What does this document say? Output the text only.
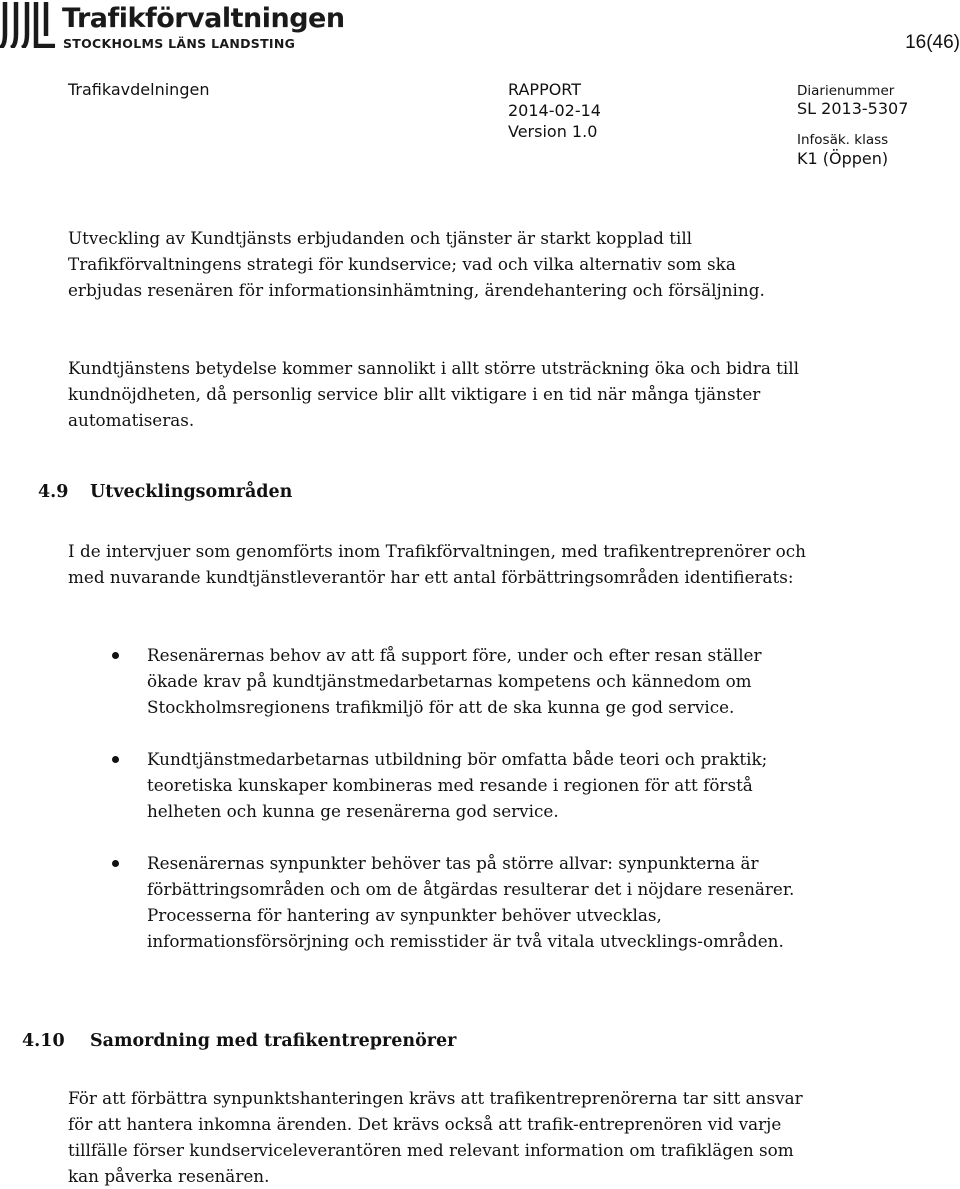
Trafikförvaltningen
STOCKHOLMS LÄNS LANDSTING	16(46)
Trafikavdelningen	RAPPORT
2014-02-14
Version 1.0
Diarienummer
SL 2013-5307
Infosäk. klass
K1 (Öppen)

Utveckling av Kundtjänsts erbjudanden och tjänster är starkt kopplad till Trafikförvaltningens strategi för kundservice; vad och vilka alternativ som ska erbjudas resenären för informationsinhämtning, ärendehantering och försäljning.

Kundtjänstens betydelse kommer sannolikt i allt större utsträckning öka och bidra till kundnöjdheten, då personlig service blir allt viktigare i en tid när många tjänster automatiseras.

4.9 Utvecklingsområden

I de intervjuer som genomförts inom Trafikförvaltningen, med trafikentreprenörer och med nuvarande kundtjänstleverantör har ett antal förbättringsområden identifierats:

Resenärernas behov av att få support före, under och efter resan ställer ökade krav på kundtjänstmedarbetarnas kompetens och kännedom om Stockholmsregionens trafikmiljö för att de ska kunna ge god service.
Kundtjänstmedarbetarnas utbildning bör omfatta både teori och praktik; teoretiska kunskaper kombineras med resande i regionen för att förstå helheten och kunna ge resenärerna god service.
Resenärernas synpunkter behöver tas på större allvar: synpunkterna är förbättringsområden och om de åtgärdas resulterar det i nöjdare resenärer. Processerna för hantering av synpunkter behöver utvecklas, informationsförsörjning och remisstider är två vitala utvecklings-områden.
4.10 Samordning med trafikentreprenörer

För att förbättra synpunktshanteringen krävs att trafikentreprenörerna tar sitt ansvar för att hantera inkomna ärenden. Det krävs också att trafik-entreprenören vid varje tillfälle förser kundserviceleverantören med relevant information om trafiklägen som kan påverka resenären.
